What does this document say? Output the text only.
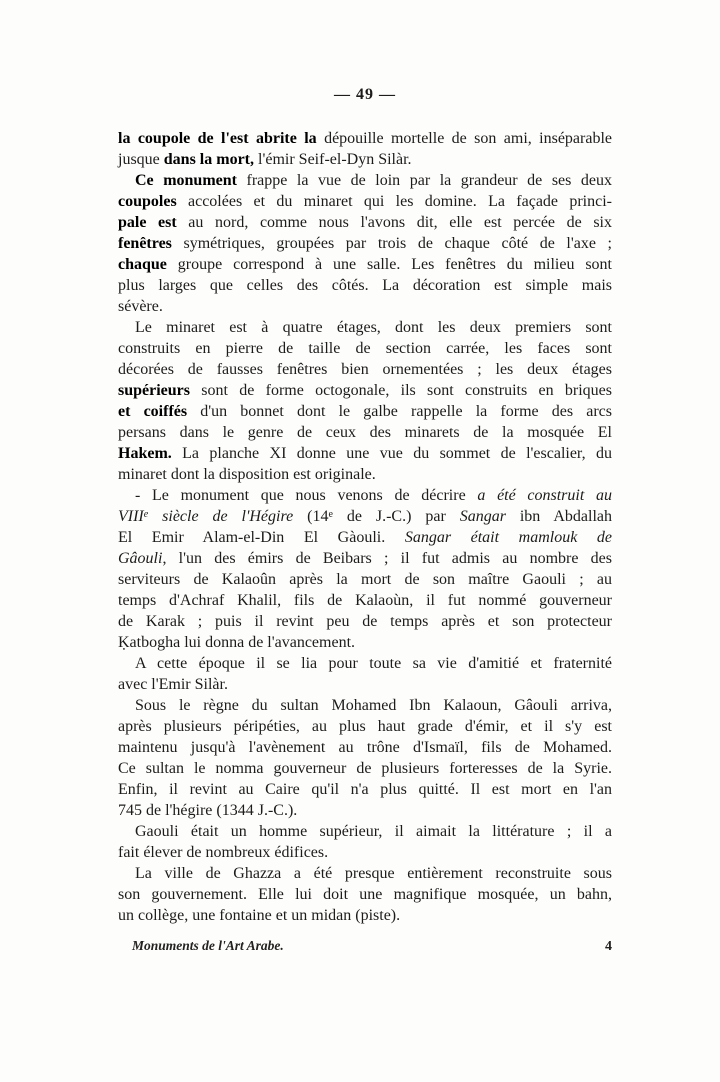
— 49 —
la coupole de l'est abrite la dépouille mortelle de son ami, inséparable
jusque dans la mort, l'émir Seif-el-Dyn Silàr.
Ce monument frappe la vue de loin par la grandeur de ses deux
coupoles accolées et du minaret qui les domine. La façade princi-
pale est au nord, comme nous l'avons dit, elle est percée de six
fenêtres symétriques, groupées par trois de chaque côté de l'axe ;
chaque groupe correspond à une salle. Les fenêtres du milieu sont
plus larges que celles des côtés. La décoration est simple mais
sévère.
Le minaret est à quatre étages, dont les deux premiers sont
construits en pierre de taille de section carrée, les faces sont
décorées de fausses fenêtres bien ornementées ; les deux étages
supérieurs sont de forme octogonale, ils sont construits en briques
et coiffés d'un bonnet dont le galbe rappelle la forme des arcs
persans dans le genre de ceux des minarets de la mosquée El
Hakem. La planche XI donne une vue du sommet de l'escalier, du
minaret dont la disposition est originale.
- Le monument que nous venons de décrire a été construit au
VIIIe siècle de l'Hégire (14e de J.-C.) par Sangar ibn Abdallah
El Emir Alam-el-Din El Gàouli. Sangar était mamlouk de
Gâouli, l'un des émirs de Beibars ; il fut admis au nombre des
serviteurs de Kalaoûn après la mort de son maître Gaouli ; au
temps d'Achraf Khalil, fils de Kalaoùn, il fut nommé gouverneur
de Karak ; puis il revint peu de temps après et son protecteur
Ḳatbogha lui donna de l'avancement.
A cette époque il se lia pour toute sa vie d'amitié et fraternité
avec l'Emir Silàr.
Sous le règne du sultan Mohamed Ibn Kalaoun, Gâouli arriva,
après plusieurs péripéties, au plus haut grade d'émir, et il s'y est
maintenu jusqu'à l'avènement au trône d'Ismaïl, fils de Mohamed.
Ce sultan le nomma gouverneur de plusieurs forteresses de la Syrie.
Enfin, il revint au Caire qu'il n'a plus quitté. Il est mort en l'an
745 de l'hégire (1344 J.-C.).
Gaouli était un homme supérieur, il aimait la littérature ; il a
fait élever de nombreux édifices.
La ville de Ghazza a été presque entièrement reconstruite sous
son gouvernement. Elle lui doit une magnifique mosquée, un bahn,
un collège, une fontaine et un midan (piste).
Monuments de l'Art Arabe.	4
